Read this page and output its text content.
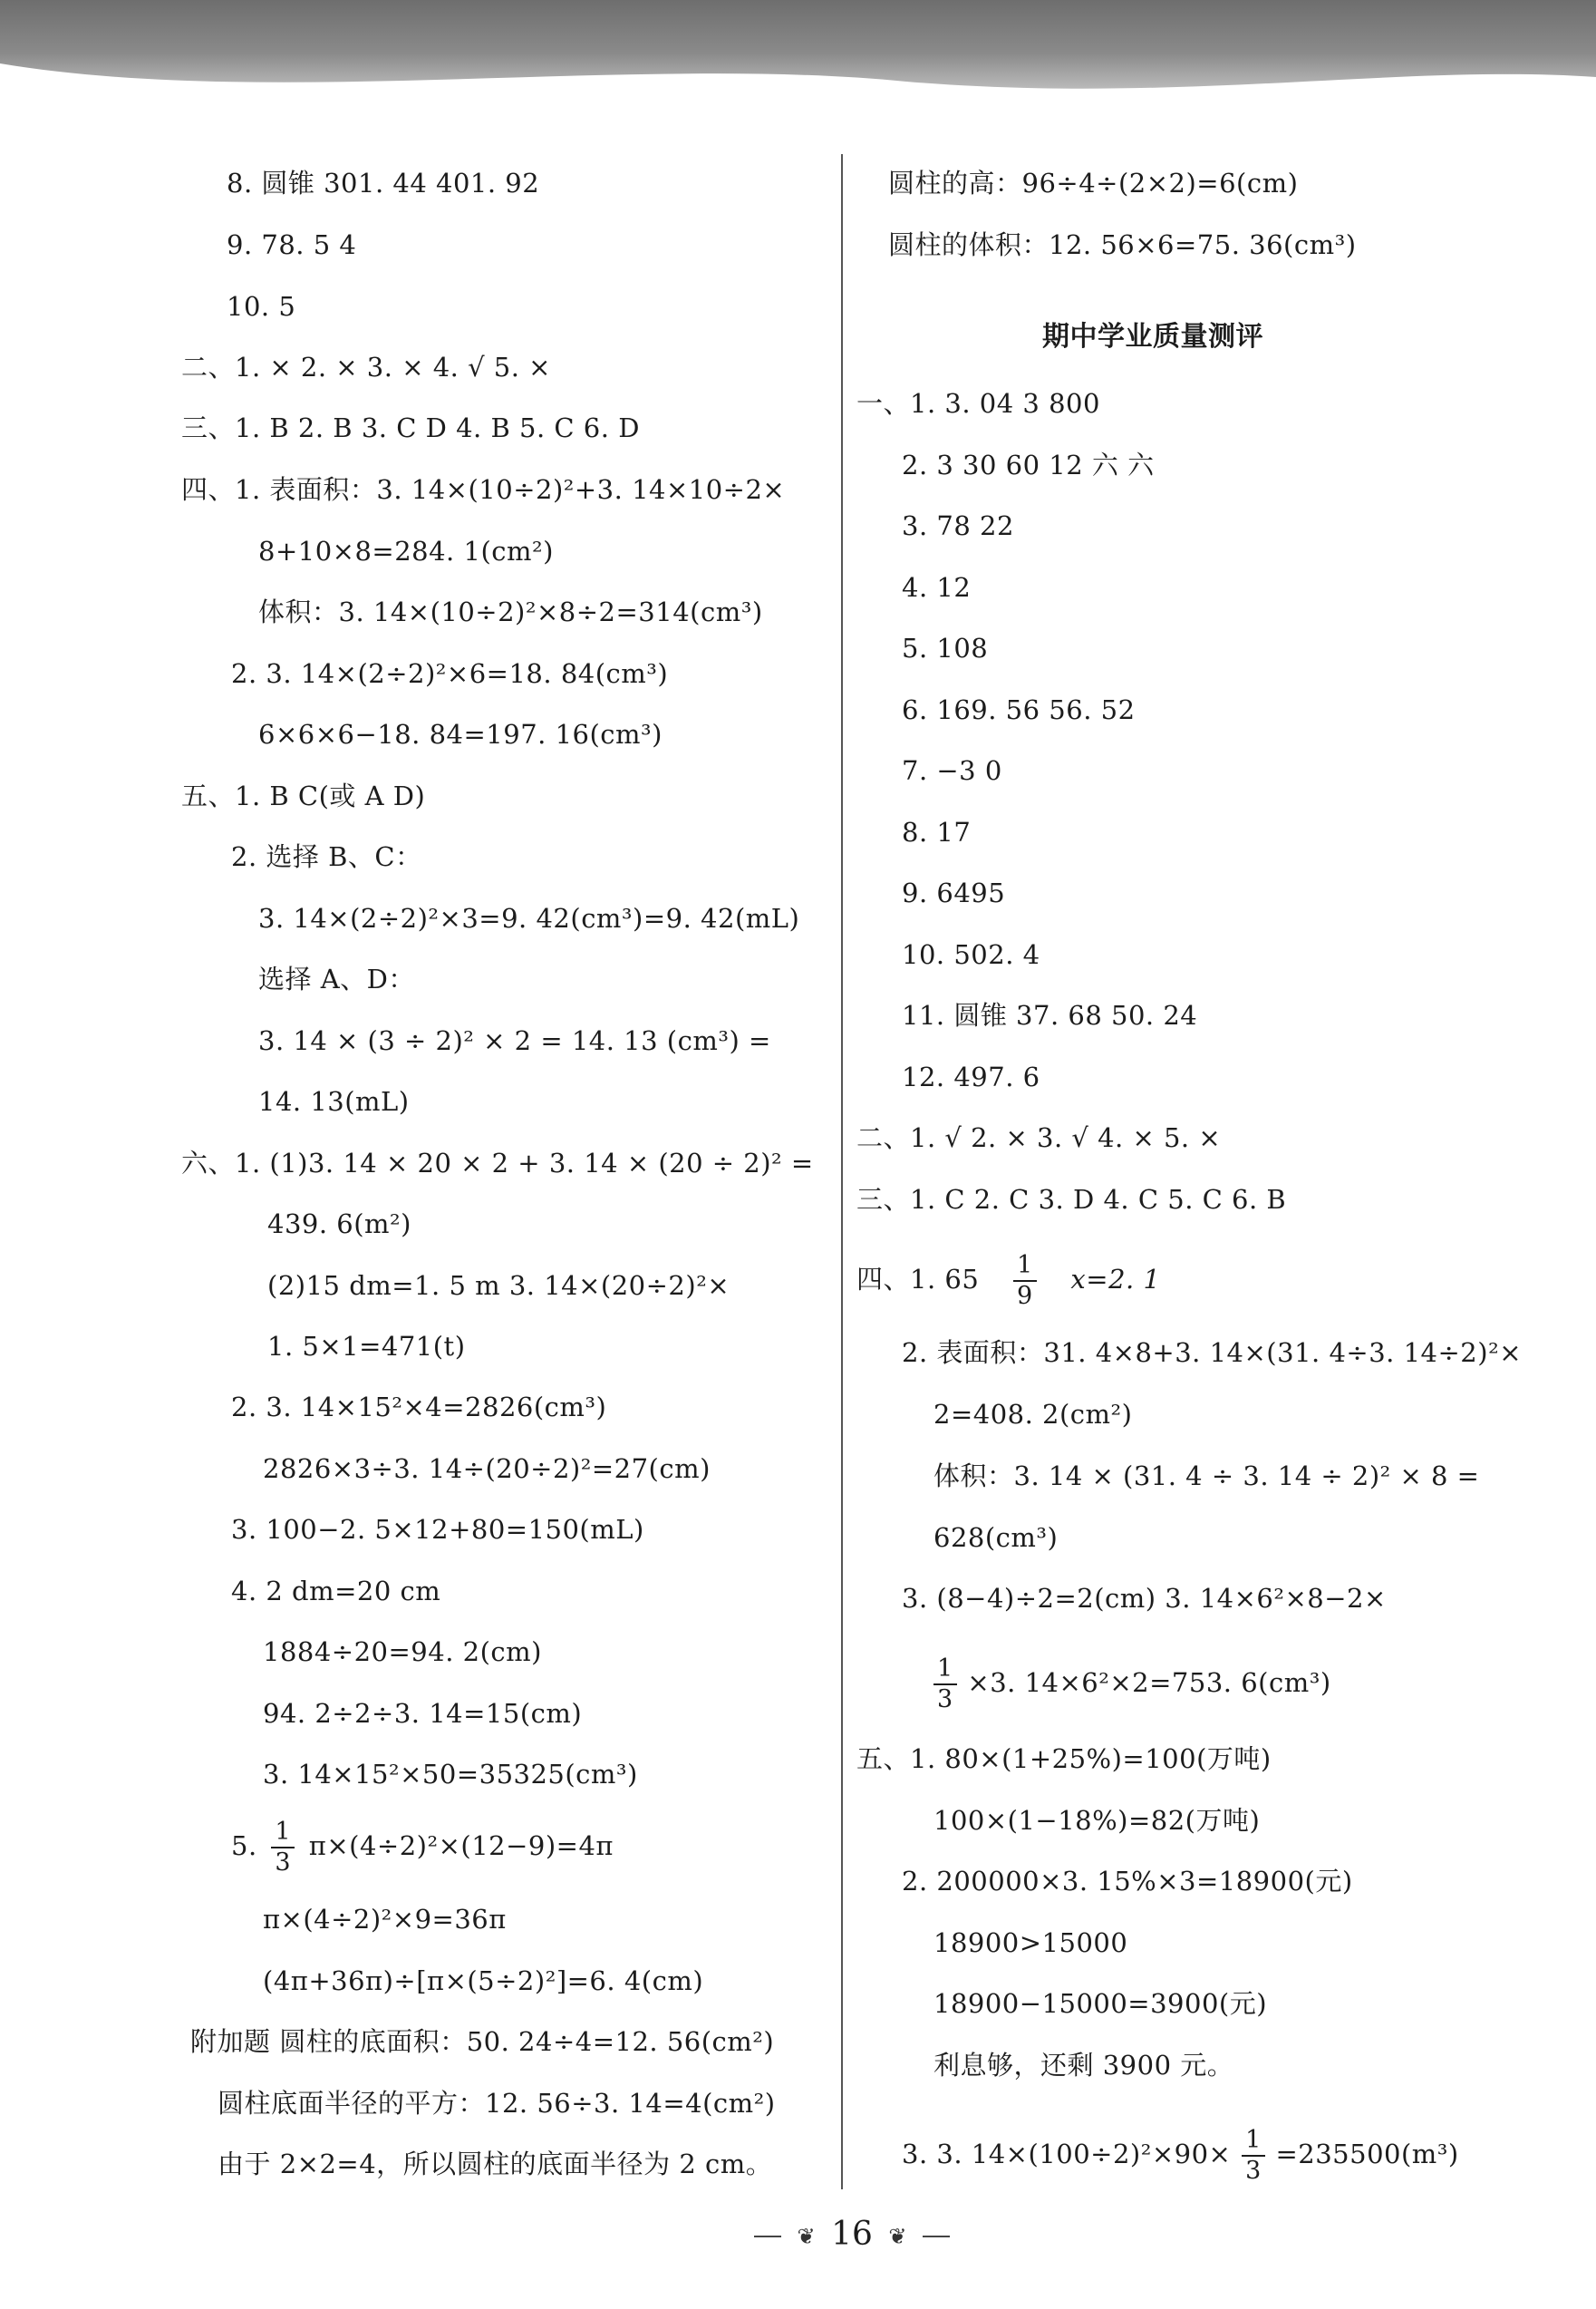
8. 圆锥 301. 44 401. 92
9. 78. 5 4
10. 5
二、1. × 2. × 3. × 4. √ 5. ×
三、1. B 2. B 3. C D 4. B 5. C 6. D
四、1. 表面积：3. 14×(10÷2)²+3. 14×10÷2×
8+10×8=284. 1(cm²)
体积：3. 14×(10÷2)²×8÷2=314(cm³)
2. 3. 14×(2÷2)²×6=18. 84(cm³)
6×6×6−18. 84=197. 16(cm³)
五、1. B C(或 A D)
2. 选择 B、C：
3. 14×(2÷2)²×3=9. 42(cm³)=9. 42(mL)
选择 A、D：
3. 14 × (3 ÷ 2)² × 2 = 14. 13 (cm³) =
14. 13(mL)
六、1. (1)3. 14 × 20 × 2 + 3. 14 × (20 ÷ 2)² =
439. 6(m²)
(2)15 dm=1. 5 m 3. 14×(20÷2)²×
1. 5×1=471(t)
2. 3. 14×15²×4=2826(cm³)
2826×3÷3. 14÷(20÷2)²=27(cm)
3. 100−2. 5×12+80=150(mL)
4. 2 dm=20 cm
1884÷20=94. 2(cm)
94. 2÷2÷3. 14=15(cm)
3. 14×15²×50=35325(cm³)
5. $\frac{1}{3} \pi\times(4\div 2)^2\times(12-9)=4\pi$
π×(4÷2)²×9=36π
(4π+36π)÷[π×(5÷2)²]=6. 4(cm)
附加题 圆柱的底面积：50. 24÷4=12. 56(cm²)
圆柱底面半径的平方：12. 56÷3. 14=4(cm²)
由于 2×2=4，所以圆柱的底面半径为 2 cm。
圆柱的高：96÷4÷(2×2)=6(cm)
圆柱的体积：12. 56×6=75. 36(cm³)
期中学业质量测评
一、1. 3. 04 3 800
2. 3 30 60 12 六 六
3. 78 22
4. 12
5. 108
6. 169. 56 56. 52
7. −3 0
8. 17
9. 6495
10. 502. 4
11. 圆锥 37. 68 50. 24
12. 497. 6
二、1. √ 2. × 3. √ 4. × 5. ×
三、1. C 2. C 3. D 4. C 5. C 6. B
四、1. $65 \frac{1}{9} x=2$. 1
2. 表面积：31. 4×8+3. 14×(31. 4÷3. 14÷2)²×
2=408. 2(cm²)
体积：3. 14 × (31. 4 ÷ 3. 14 ÷ 2)² × 8 =
628(cm³)
3. (8−4)÷2=2(cm) 3. 14×6²×8−2×
$\frac{1}{3} \times 3$. 14×6²×2=753. 6(cm³)
五、1. 80×(1+25%)=100(万吨)
100×(1−18%)=82(万吨)
2. 200000×3. 15%×3=18900(元)
18900>15000
18900−15000=3900(元)
利息够，还剩 3900 元。
3. 3. $14\times(100\div 2)^2\times 90\times \frac{1}{3} =235500(m^3)$
❦ 16 ❦
